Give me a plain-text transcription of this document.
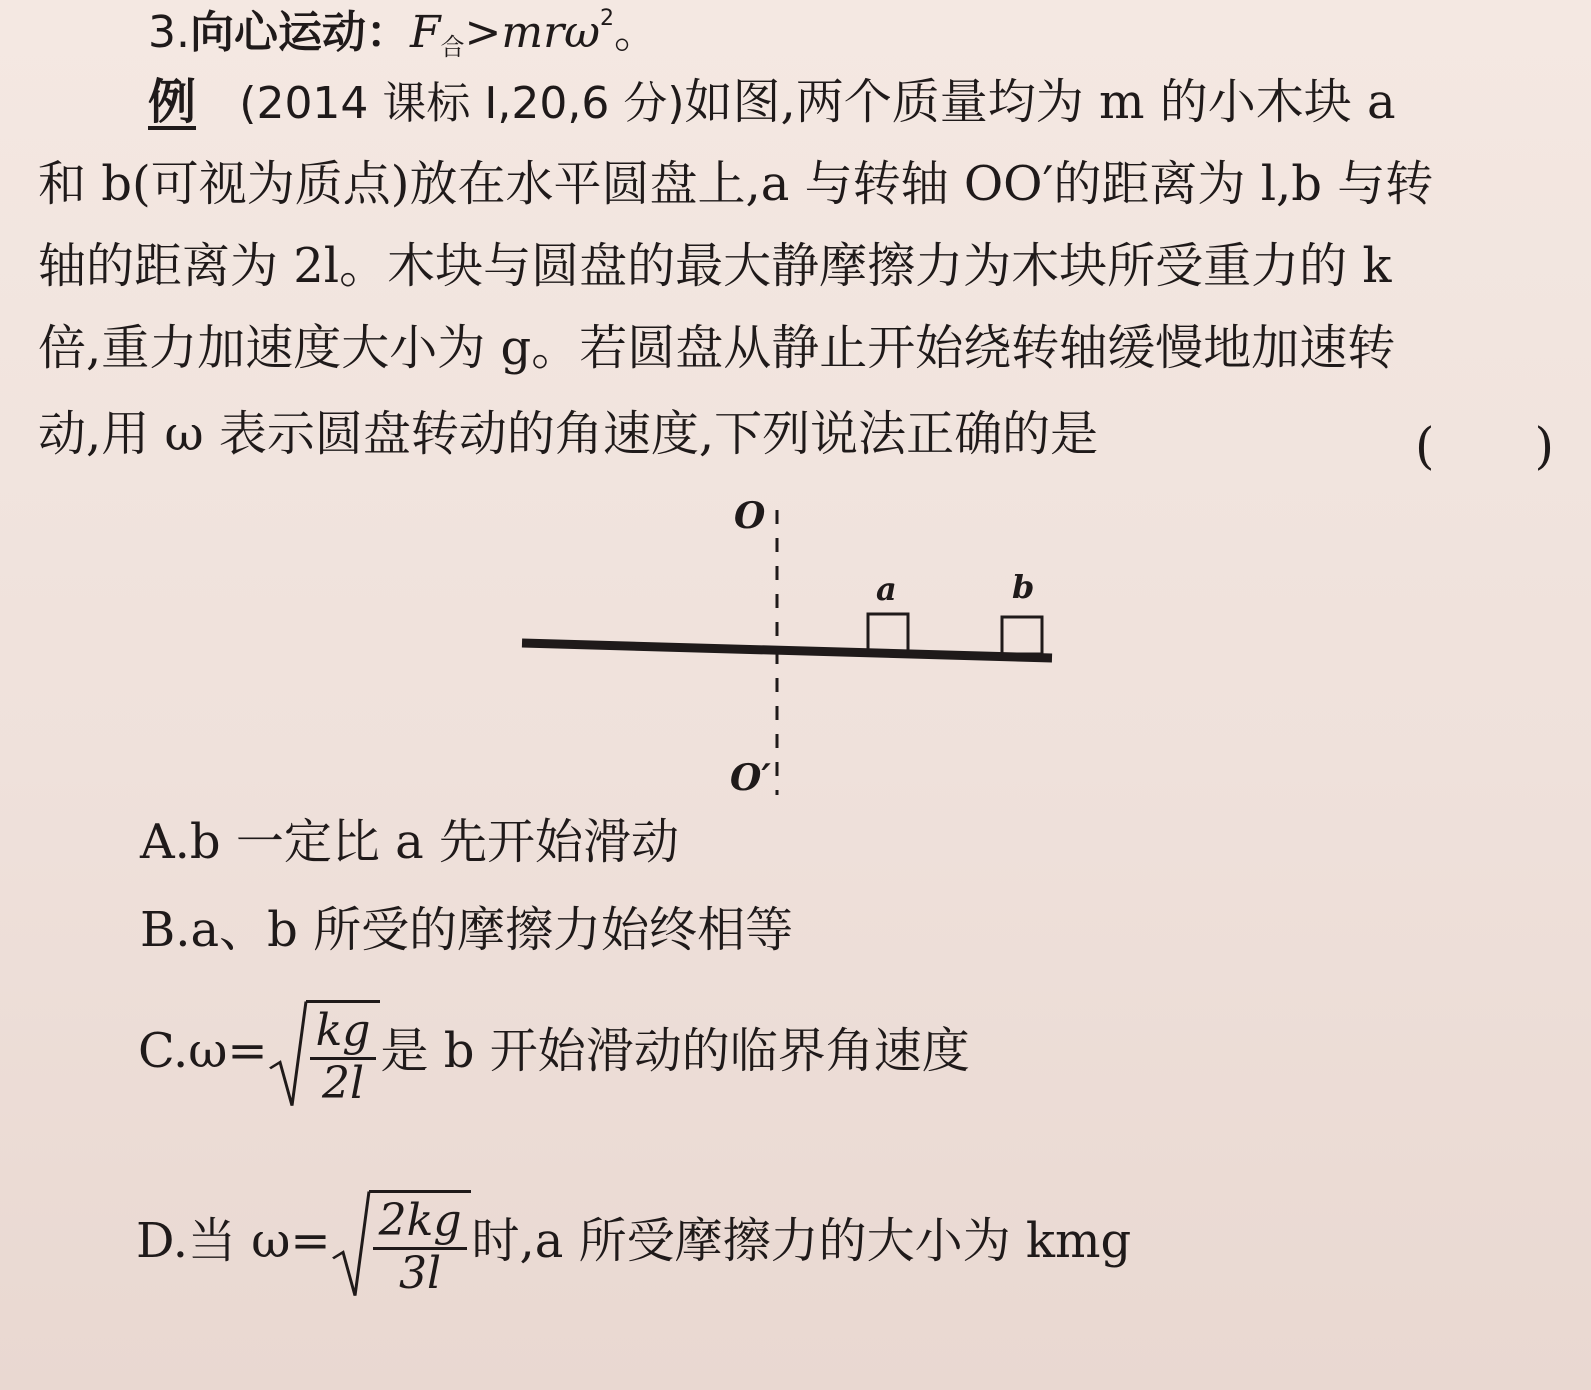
3.向心运动：$F_合>mr\omega^2$。
例 (2014 课标 Ⅰ,20,6 分)如图,两个质量均为 m 的小木块 a
和 b(可视为质点)放在水平圆盘上,a 与转轴 OO′的距离为 l,b 与转
轴的距离为 2l。木块与圆盘的最大静摩擦力为木块所受重力的 k
倍,重力加速度大小为 g。若圆盘从静止开始绕转轴缓慢地加速转
动,用 ω 表示圆盘转动的角速度,下列说法正确的是	(　　)
O
O′
a	b
A.b 一定比 a 先开始滑动
B.a、b 所受的摩擦力始终相等
$C.\omega= \frac{kg}{2l}$ 是 b 开始滑动的临界角速度
D.当 $\omega= \frac{2kg}{3l}$ 时,a 所受摩擦力的大小为 kmg
